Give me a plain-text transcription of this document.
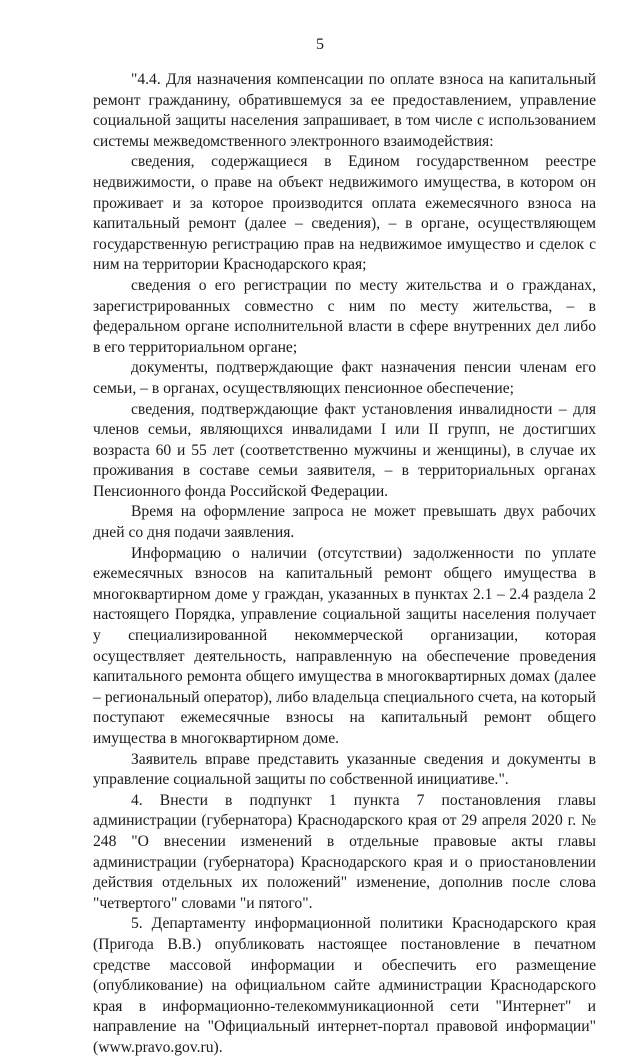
5

"4.4. Для назначения компенсации по оплате взноса на капитальный ремонт гражданину, обратившемуся за ее предоставлением, управление социальной защиты населения запрашивает, в том числе с использованием системы межведомственного электронного взаимодействия:

сведения, содержащиеся в Едином государственном реестре недвижимости, о праве на объект недвижимого имущества, в котором он проживает и за которое производится оплата ежемесячного взноса на капитальный ремонт (далее – сведения), – в органе, осуществляющем государственную регистрацию прав на недвижимое имущество и сделок с ним на территории Краснодарского края;

сведения о его регистрации по месту жительства и о гражданах, зарегистрированных совместно с ним по месту жительства, – в федеральном органе исполнительной власти в сфере внутренних дел либо в его территориальном органе;

документы, подтверждающие факт назначения пенсии членам его семьи, – в органах, осуществляющих пенсионное обеспечение;

сведения, подтверждающие факт установления инвалидности – для членов семьи, являющихся инвалидами I или II групп, не достигших возраста 60 и 55 лет (соответственно мужчины и женщины), в случае их проживания в составе семьи заявителя, – в территориальных органах Пенсионного фонда Российской Федерации.

Время на оформление запроса не может превышать двух рабочих дней со дня подачи заявления.

Информацию о наличии (отсутствии) задолженности по уплате ежемесячных взносов на капитальный ремонт общего имущества в многоквартирном доме у граждан, указанных в пунктах 2.1 – 2.4 раздела 2 настоящего Порядка, управление социальной защиты населения получает у специализированной некоммерческой организации, которая осуществляет деятельность, направленную на обеспечение проведения капитального ремонта общего имущества в многоквартирных домах (далее – региональный оператор), либо владельца специального счета, на который поступают ежемесячные взносы на капитальный ремонт общего имущества в многоквартирном доме.

Заявитель вправе представить указанные сведения и документы в управление социальной защиты по собственной инициативе.".

4. Внести в подпункт 1 пункта 7 постановления главы администрации (губернатора) Краснодарского края от 29 апреля 2020 г. № 248 "О внесении изменений в отдельные правовые акты главы администрации (губернатора) Краснодарского края и о приостановлении действия отдельных их положений" изменение, дополнив после слова "четвертого" словами "и пятого".

5. Департаменту информационной политики Краснодарского края (Пригода В.В.) опубликовать настоящее постановление в печатном средстве массовой информации и обеспечить его размещение (опубликование) на официальном сайте администрации Краснодарского края в информационно-телекоммуникационной сети "Интернет" и направление на "Официальный интернет-портал правовой информации" (www.pravo.gov.ru).
